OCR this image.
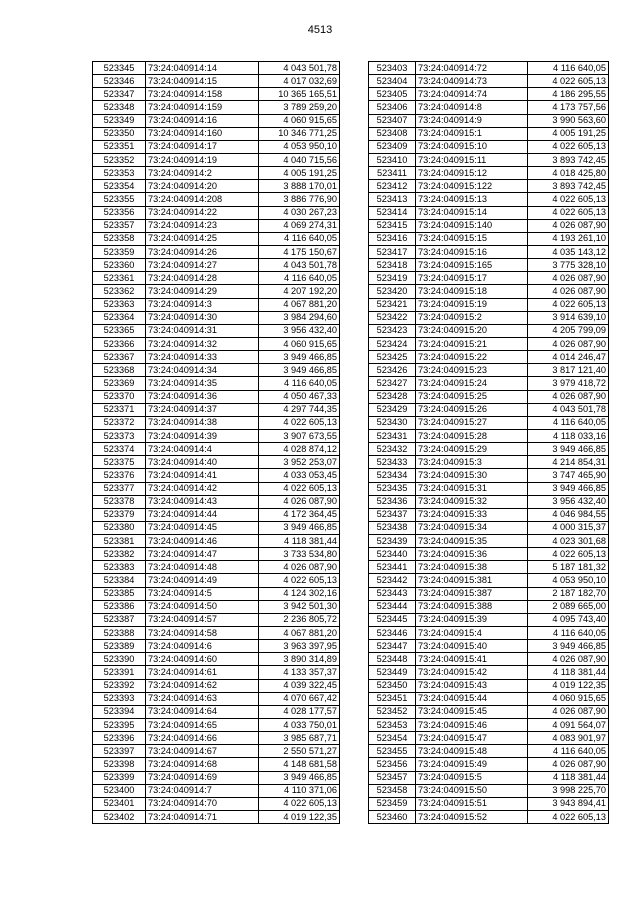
4513
523345	73:24:040914:14	4 043 501,78
523346	73:24:040914:15	4 017 032,69
523347	73:24:040914:158	10 365 165,51
523348	73:24:040914:159	3 789 259,20
523349	73:24:040914:16	4 060 915,65
523350	73:24:040914:160	10 346 771,25
523351	73:24:040914:17	4 053 950,10
523352	73:24:040914:19	4 040 715,56
523353	73:24:040914:2	4 005 191,25
523354	73:24:040914:20	3 888 170,01
523355	73:24:040914:208	3 886 776,90
523356	73:24:040914:22	4 030 267,23
523357	73:24:040914:23	4 069 274,31
523358	73:24:040914:25	4 116 640,05
523359	73:24:040914:26	4 175 150,67
523360	73:24:040914:27	4 043 501,78
523361	73:24:040914:28	4 116 640,05
523362	73:24:040914:29	4 207 192,20
523363	73:24:040914:3	4 067 881,20
523364	73:24:040914:30	3 984 294,60
523365	73:24:040914:31	3 956 432,40
523366	73:24:040914:32	4 060 915,65
523367	73:24:040914:33	3 949 466,85
523368	73:24:040914:34	3 949 466,85
523369	73:24:040914:35	4 116 640,05
523370	73:24:040914:36	4 050 467,33
523371	73:24:040914:37	4 297 744,35
523372	73:24:040914:38	4 022 605,13
523373	73:24:040914:39	3 907 673,55
523374	73:24:040914:4	4 028 874,12
523375	73:24:040914:40	3 952 253,07
523376	73:24:040914:41	4 033 053,45
523377	73:24:040914:42	4 022 605,13
523378	73:24:040914:43	4 026 087,90
523379	73:24:040914:44	4 172 364,45
523380	73:24:040914:45	3 949 466,85
523381	73:24:040914:46	4 118 381,44
523382	73:24:040914:47	3 733 534,80
523383	73:24:040914:48	4 026 087,90
523384	73:24:040914:49	4 022 605,13
523385	73:24:040914:5	4 124 302,16
523386	73:24:040914:50	3 942 501,30
523387	73:24:040914:57	2 236 805,72
523388	73:24:040914:58	4 067 881,20
523389	73:24:040914:6	3 963 397,95
523390	73:24:040914:60	3 890 314,89
523391	73:24:040914:61	4 133 357,37
523392	73:24:040914:62	4 039 322,45
523393	73:24:040914:63	4 070 667,42
523394	73:24:040914:64	4 028 177,57
523395	73:24:040914:65	4 033 750,01
523396	73:24:040914:66	3 985 687,71
523397	73:24:040914:67	2 550 571,27
523398	73:24:040914:68	4 148 681,58
523399	73:24:040914:69	3 949 466,85
523400	73:24:040914:7	4 110 371,06
523401	73:24:040914:70	4 022 605,13
523402	73:24:040914:71	4 019 122,35
523403	73:24:040914:72	4 116 640,05
523404	73:24:040914:73	4 022 605,13
523405	73:24:040914:74	4 186 295,55
523406	73:24:040914:8	4 173 757,56
523407	73:24:040914:9	3 990 563,60
523408	73:24:040915:1	4 005 191,25
523409	73:24:040915:10	4 022 605,13
523410	73:24:040915:11	3 893 742,45
523411	73:24:040915:12	4 018 425,80
523412	73:24:040915:122	3 893 742,45
523413	73:24:040915:13	4 022 605,13
523414	73:24:040915:14	4 022 605,13
523415	73:24:040915:140	4 026 087,90
523416	73:24:040915:15	4 193 261,10
523417	73:24:040915:16	4 035 143,12
523418	73:24:040915:165	3 775 328,10
523419	73:24:040915:17	4 026 087,90
523420	73:24:040915:18	4 026 087,90
523421	73:24:040915:19	4 022 605,13
523422	73:24:040915:2	3 914 639,10
523423	73:24:040915:20	4 205 799,09
523424	73:24:040915:21	4 026 087,90
523425	73:24:040915:22	4 014 246,47
523426	73:24:040915:23	3 817 121,40
523427	73:24:040915:24	3 979 418,72
523428	73:24:040915:25	4 026 087,90
523429	73:24:040915:26	4 043 501,78
523430	73:24:040915:27	4 116 640,05
523431	73:24:040915:28	4 118 033,16
523432	73:24:040915:29	3 949 466,85
523433	73:24:040915:3	4 214 854,31
523434	73:24:040915:30	3 747 465,90
523435	73:24:040915:31	3 949 466,85
523436	73:24:040915:32	3 956 432,40
523437	73:24:040915:33	4 046 984,55
523438	73:24:040915:34	4 000 315,37
523439	73:24:040915:35	4 023 301,68
523440	73:24:040915:36	4 022 605,13
523441	73:24:040915:38	5 187 181,32
523442	73:24:040915:381	4 053 950,10
523443	73:24:040915:387	2 187 182,70
523444	73:24:040915:388	2 089 665,00
523445	73:24:040915:39	4 095 743,40
523446	73:24:040915:4	4 116 640,05
523447	73:24:040915:40	3 949 466,85
523448	73:24:040915:41	4 026 087,90
523449	73:24:040915:42	4 118 381,44
523450	73:24:040915:43	4 019 122,35
523451	73:24:040915:44	4 060 915,65
523452	73:24:040915:45	4 026 087,90
523453	73:24:040915:46	4 091 564,07
523454	73:24:040915:47	4 083 901,97
523455	73:24:040915:48	4 116 640,05
523456	73:24:040915:49	4 026 087,90
523457	73:24:040915:5	4 118 381,44
523458	73:24:040915:50	3 998 225,70
523459	73:24:040915:51	3 943 894,41
523460	73:24:040915:52	4 022 605,13
